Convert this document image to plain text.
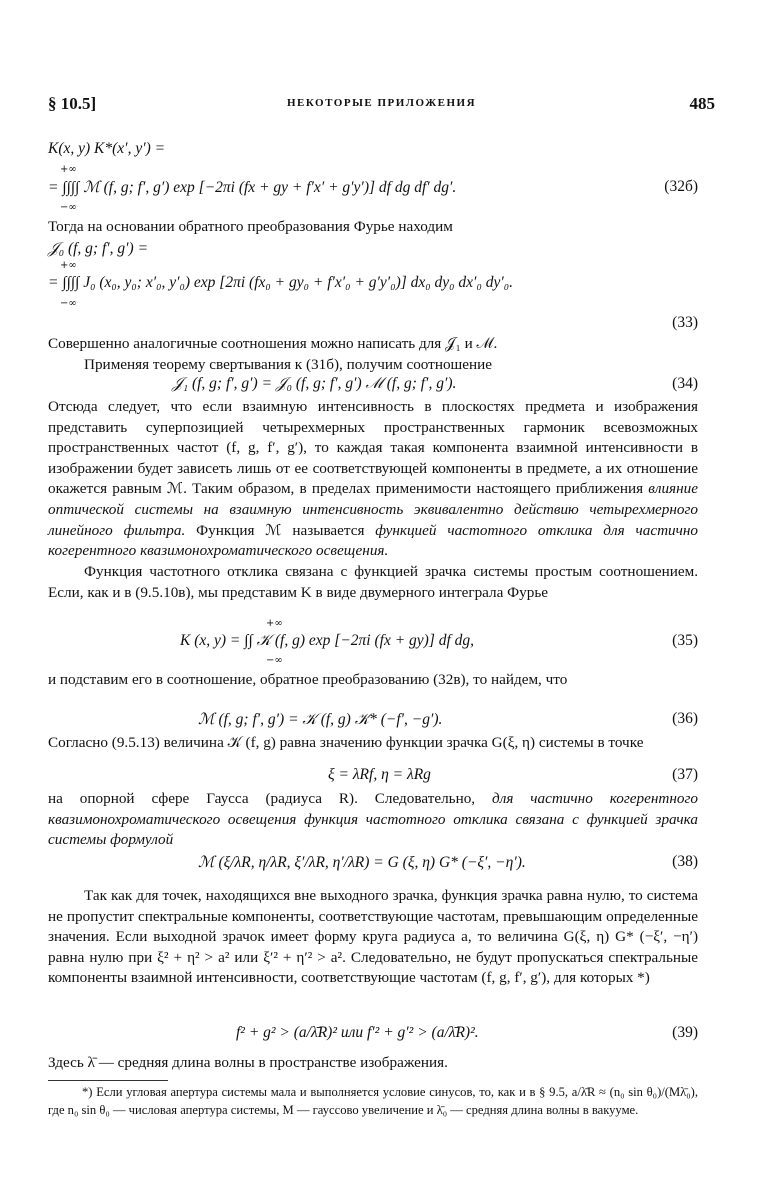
§ 10.5]	НЕКОТОРЫЕ ПРИЛОЖЕНИЯ	485
K(x, y) K*(x′, y′) =
+∞
= ∫∫∫∫ ℳ (f, g; f′, g′) exp [−2πi (fx + gy + f′x′ + g′y′)] df dg df′ dg′.	(32б)
−∞

Тогда на основании обратного преобразования Фурье находим

𝒥₀ (f, g; f′, g′) =
+∞
= ∫∫∫∫ J₀ (x₀, y₀; x′₀, y′₀) exp [2πi (fx₀ + gy₀ + f′x′₀ + g′y′₀)] dx₀ dy₀ dx′₀ dy′₀.
−∞
(33)

Совершенно аналогичные соотношения можно написать для 𝒥₁ и ℳ.

Применяя теорему свертывания к (31б), получим соотношение

𝒥₁ (f, g; f′, g′) = 𝒥₀ (f, g; f′, g′) ℳ (f, g; f′, g′).	(34)

Отсюда следует, что если взаимную интенсивность в плоскостях предмета и изображения представить суперпозицией четырехмерных пространственных гармоник всевозможных пространственных частот (f, g, f′, g′), то каждая такая компонента взаимной интенсивности в изображении будет зависеть лишь от ее соответствующей компоненты в предмете, а их отношение окажется равным ℳ. Таким образом, в пределах применимости настоящего приближения влияние оптической системы на взаимную интенсивность эквивалентно действию четырехмерного линейного фильтра. Функция ℳ называется функцией частотного отклика для частично когерентного квазимонохроматического освещения.

Функция частотного отклика связана с функцией зрачка системы простым соотношением. Если, как и в (9.5.10в), мы представим K в виде двумерного интеграла Фурье

+∞
K (x, y) = ∫∫ 𝒦 (f, g) exp [−2πi (fx + gy)] df dg,	(35)
−∞

и подставим его в соотношение, обратное преобразованию (32в), то найдем, что

ℳ (f, g; f′, g′) = 𝒦 (f, g) 𝒦* (−f′, −g′).	(36)

Согласно (9.5.13) величина 𝒦 (f, g) равна значению функции зрачка G(ξ, η) системы в точке

ξ = λRf, η = λRg	(37)

на опорной сфере Гаусса (радиуса R). Следовательно, для частично когерентного квазимонохроматического освещения функция частотного отклика связана с функцией зрачка системы формулой

ℳ (ξ/λR, η/λR, ξ′/λR, η′/λR) = G (ξ, η) G* (−ξ′, −η′).	(38)

Так как для точек, находящихся вне выходного зрачка, функция зрачка равна нулю, то система не пропустит спектральные компоненты, соответствующие частотам, превышающим определенные значения. Если выходной зрачок имеет форму круга радиуса a, то величина G(ξ, η) G* (−ξ′, −η′) равна нулю при ξ² + η² > a² или ξ′² + η′² > a². Следовательно, не будут пропускаться спектральные компоненты взаимной интенсивности, соответствующие частотам (f, g, f′, g′), для которых *)

f² + g² > (a/λ̄R)² или f′² + g′² > (a/λ̄R)².	(39)

Здесь λ̄ — средняя длина волны в пространстве изображения.

*) Если угловая апертура системы мала и выполняется условие синусов, то, как и в § 9.5, a/λ̄R ≈ (n₀ sin θ₀)/(Mλ̄₀), где n₀ sin θ₀ — числовая апертура системы, M — гауссово увеличение и λ̄₀ — средняя длина волны в вакууме.
